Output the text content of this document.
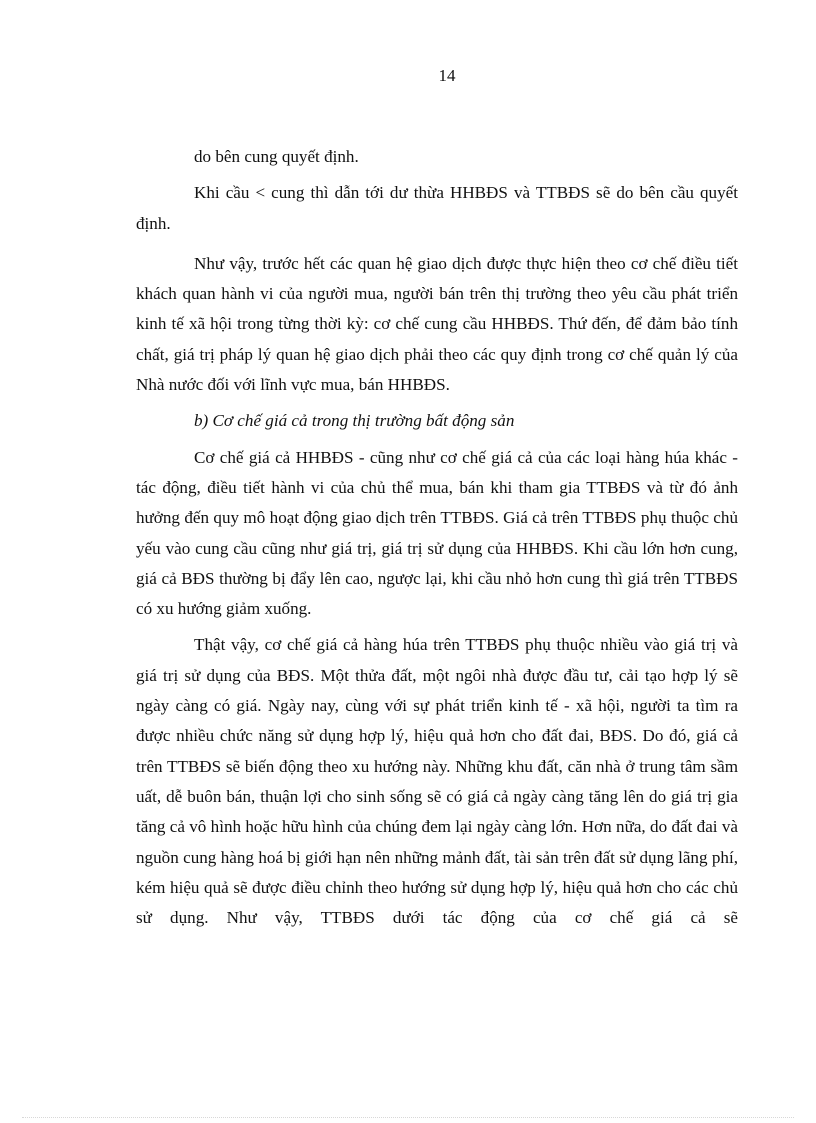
14

do bên cung quyết định.

Khi cầu < cung thì dẫn tới dư thừa HHBĐS và TTBĐS sẽ do bên cầu quyết định.

Như vậy, trước hết các quan hệ giao dịch được thực hiện theo cơ chế điều tiết khách quan hành vi của người mua, người bán trên thị trường theo yêu cầu phát triển kinh tế xã hội trong từng thời kỳ: cơ chế cung cầu HHBĐS. Thứ đến, để đảm bảo tính chất, giá trị pháp lý quan hệ giao dịch phải theo các quy định trong cơ chế quản lý của Nhà nước đối với lĩnh vực mua, bán HHBĐS.

b) Cơ chế giá cả trong thị trường bất động sản

Cơ chế giá cả HHBĐS - cũng như cơ chế giá cả của các loại hàng húa khác - tác động, điều tiết hành vi của chủ thể mua, bán khi tham gia TTBĐS và từ đó ảnh hưởng đến quy mô hoạt động giao dịch trên TTBĐS. Giá cả trên TTBĐS phụ thuộc chủ yếu vào cung cầu cũng như giá trị, giá trị sử dụng của HHBĐS. Khi cầu lớn hơn cung, giá cả BĐS thường bị đẩy lên cao, ngược lại, khi cầu nhỏ hơn cung thì giá trên TTBĐS có xu hướng giảm xuống.

Thật vậy, cơ chế giá cả hàng húa trên TTBĐS phụ thuộc nhiều vào giá trị và giá trị sử dụng của BĐS. Một thửa đất, một ngôi nhà được đầu tư, cải tạo hợp lý sẽ ngày càng có giá. Ngày nay, cùng với sự phát triển kinh tế - xã hội, người ta tìm ra được nhiều chức năng sử dụng hợp lý, hiệu quả hơn cho đất đai, BĐS. Do đó, giá cả trên TTBĐS sẽ biến động theo xu hướng này. Những khu đất, căn nhà ở trung tâm sầm uất, dễ buôn bán, thuận lợi cho sinh sống sẽ có giá cả ngày càng tăng lên do giá trị gia tăng cả vô hình hoặc hữu hình của chúng đem lại ngày càng lớn. Hơn nữa, do đất đai và nguồn cung hàng hoá bị giới hạn nên những mảnh đất, tài sản trên đất sử dụng lãng phí, kém hiệu quả sẽ được điều chỉnh theo hướng sử dụng hợp lý, hiệu quả hơn cho các chủ sử dụng. Như vậy, TTBĐS dưới tác động của cơ chế giá cả sẽ
